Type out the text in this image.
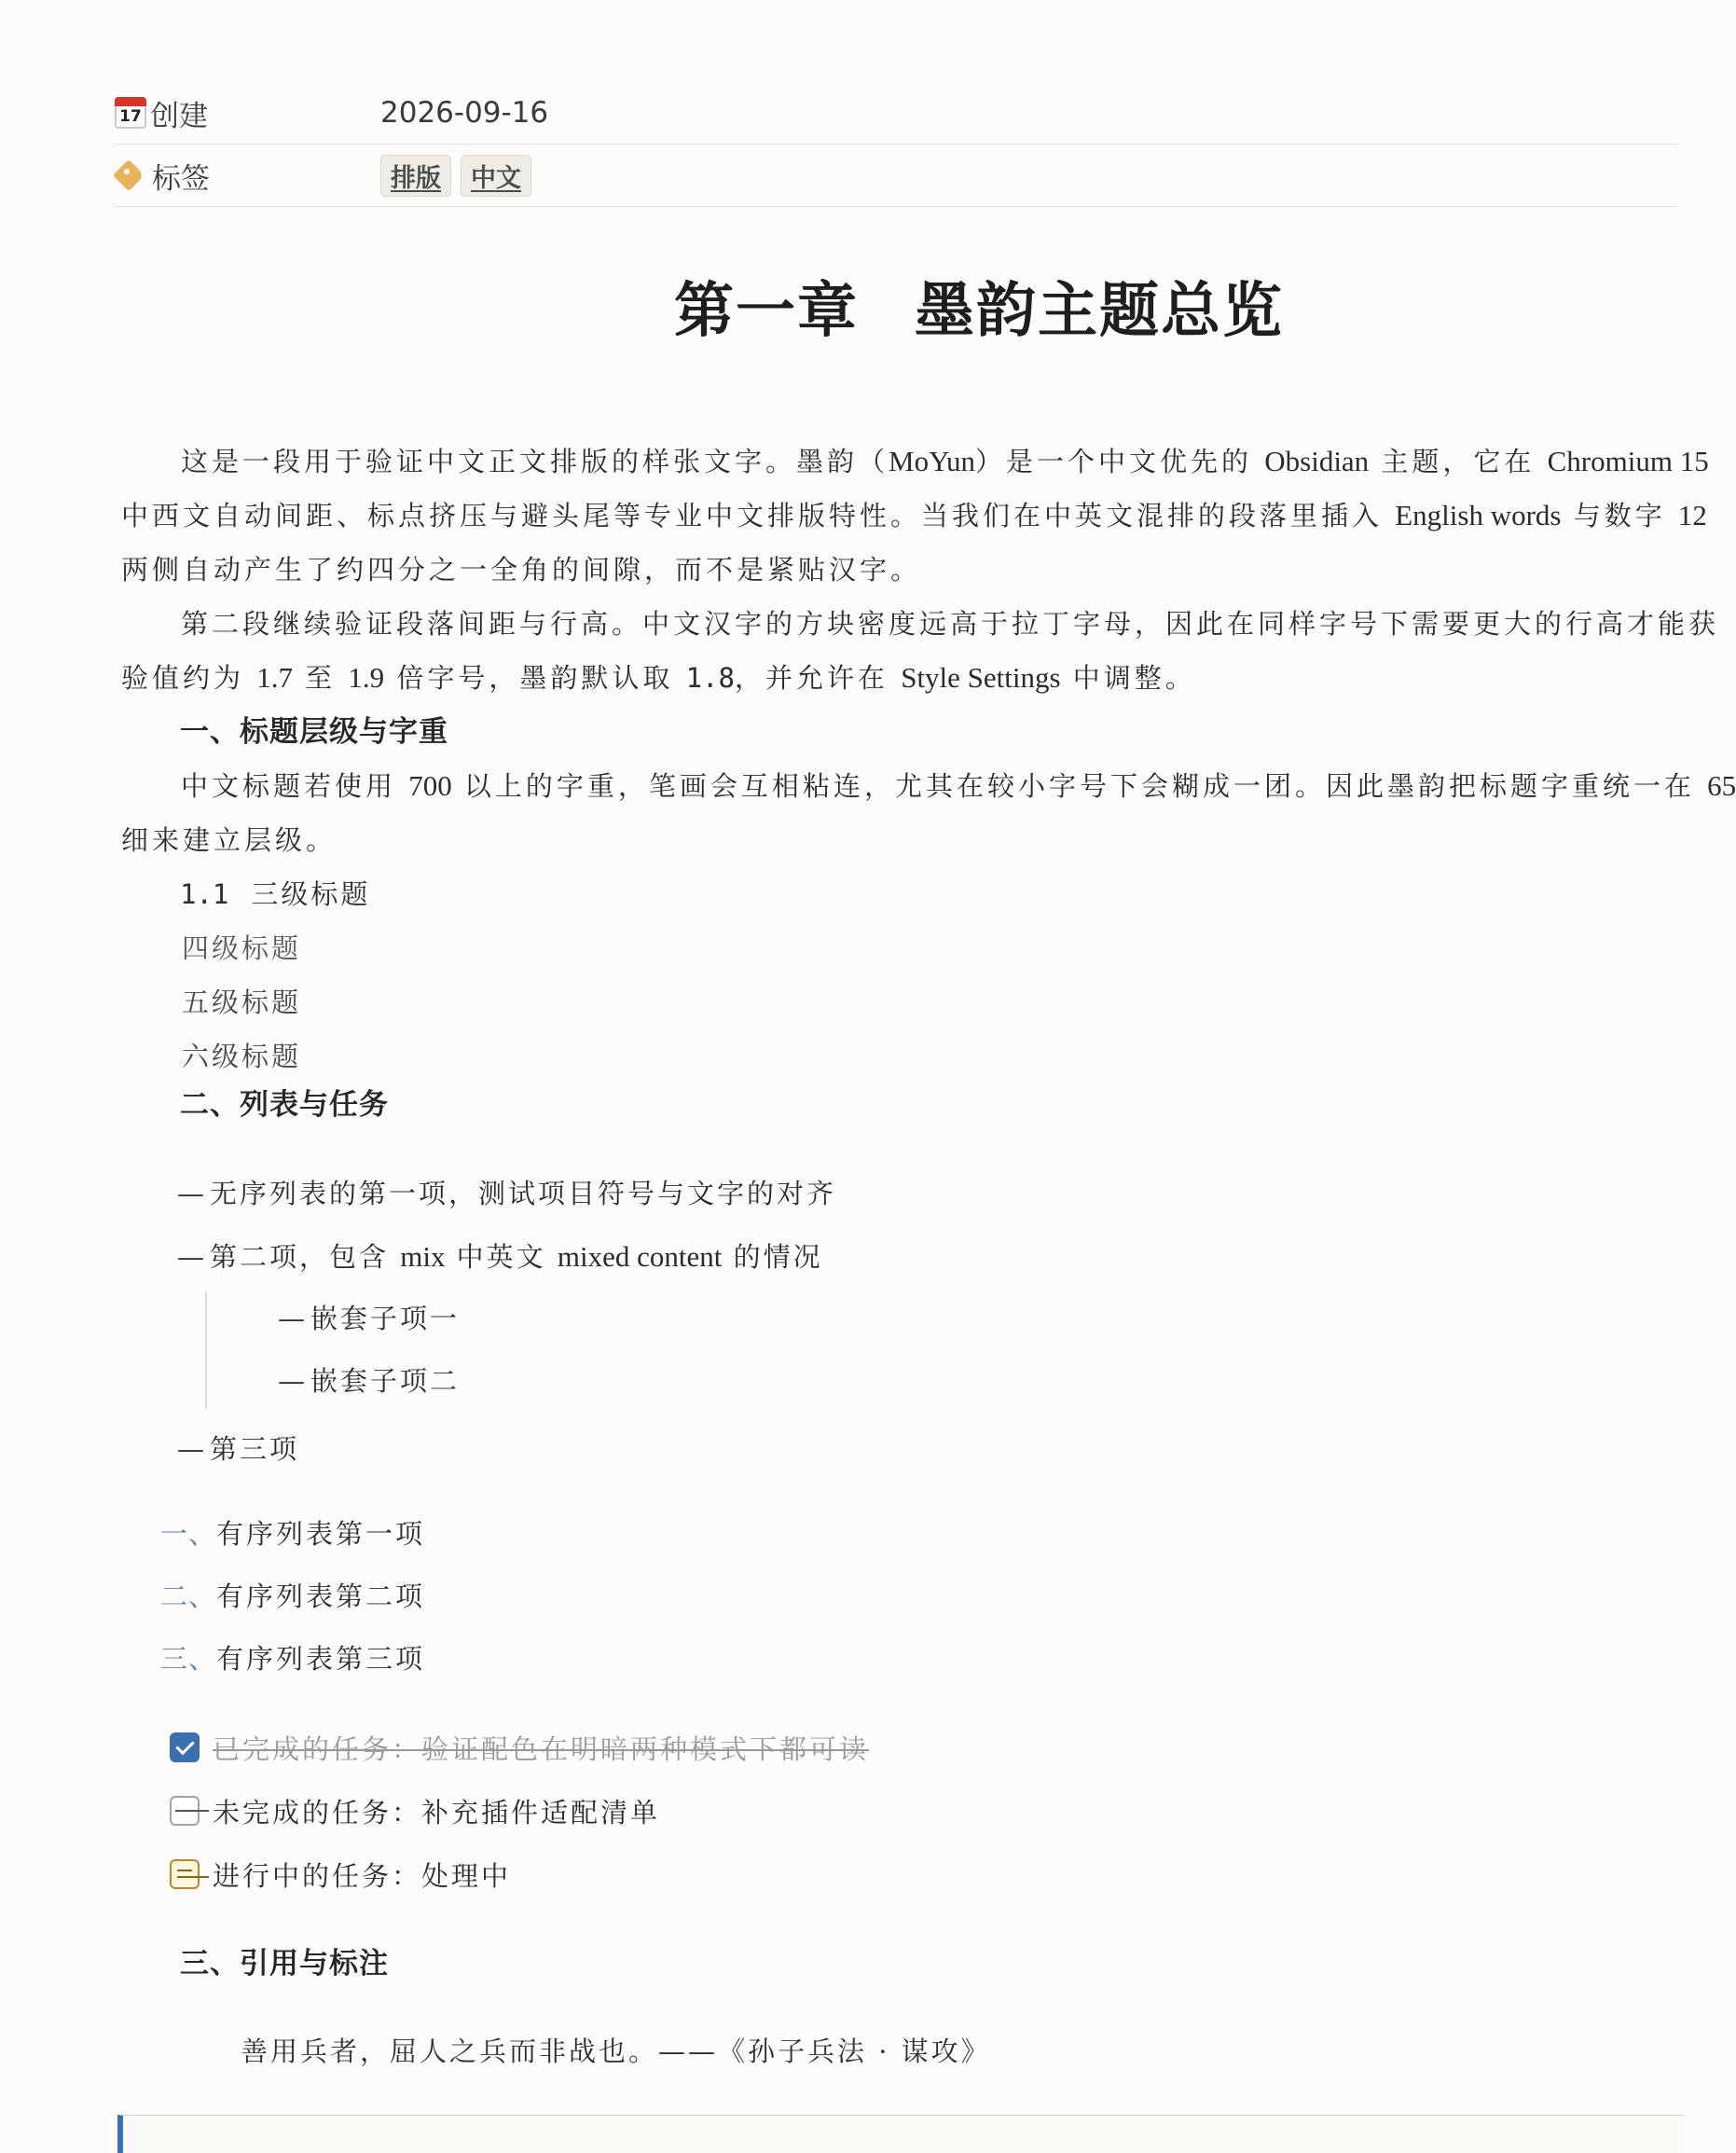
17 创建	2026-09-16
标签	排版 中文
第一章 墨韵主题总览

这是一段用于验证中文正文排版的样张文字。墨韵（MoYun）是一个中文优先的 Obsidian 主题，它在 Chromium 15
中西文自动间距、标点挤压与避头尾等专业中文排版特性。当我们在中英文混排的段落里插入 English words 与数字 12
两侧自动产生了约四分之一全角的间隙，而不是紧贴汉字。

第二段继续验证段落间距与行高。中文汉字的方块密度远高于拉丁字母，因此在同样字号下需要更大的行高才能获
验值约为 1.7 至 1.9 倍字号，墨韵默认取 1.8，并允许在 Style Settings 中调整。

一、标题层级与字重

中文标题若使用 700 以上的字重，笔画会互相粘连，尤其在较小字号下会糊成一团。因此墨韵把标题字重统一在 65
细来建立层级。

1.1 三级标题
四级标题
五级标题
六级标题
二、列表与任务
— 无序列表的第一项，测试项目符号与文字的对齐
— 第二项，包含 mix 中英文 mixed content 的情况
— 嵌套子项一
— 嵌套子项二
— 第三项
一、有序列表第一项
二、有序列表第二项
三、有序列表第三项
已完成的任务：验证配色在明暗两种模式下都可读
未完成的任务：补充插件适配清单
进行中的任务：处理中
三、引用与标注
善用兵者，屈人之兵而非战也。——《孙子兵法 · 谋攻》
